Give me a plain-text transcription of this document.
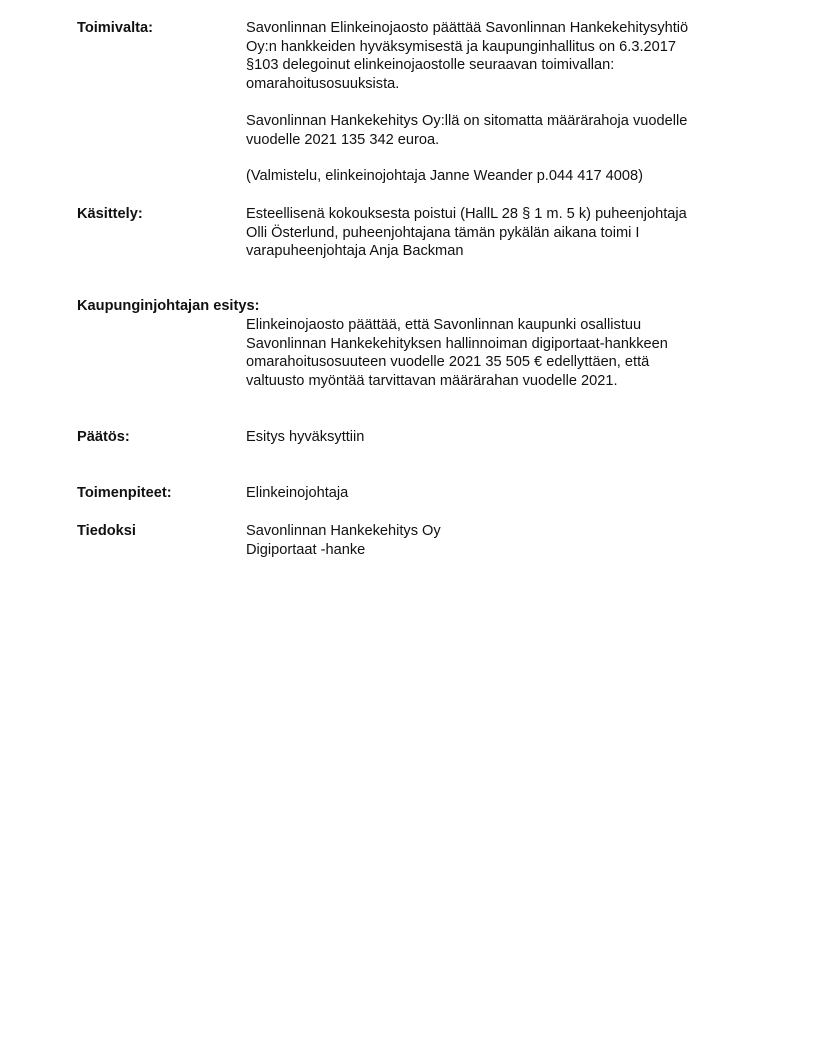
Toimivalta:	Savonlinnan Elinkeinojaosto päättää Savonlinnan Hankekehitysyhtiö
Oy:n hankkeiden hyväksymisestä ja kaupunginhallitus on 6.3.2017
§103 delegoinut elinkeinojaostolle seuraavan toimivallan:
omarahoitusosuuksista.
Savonlinnan Hankekehitys Oy:llä on sitomatta määrärahoja vuodelle
vuodelle 2021 135 342 euroa.
(Valmistelu, elinkeinojohtaja Janne Weander p.044 417 4008)
Käsittely:	Esteellisenä kokouksesta poistui (HallL 28 § 1 m. 5 k) puheenjohtaja
Olli Österlund, puheenjohtajana tämän pykälän aikana toimi I
varapuheenjohtaja Anja Backman
Kaupunginjohtajan esitys:
Elinkeinojaosto päättää, että Savonlinnan kaupunki osallistuu
Savonlinnan Hankekehityksen hallinnoiman digiportaat-hankkeen
omarahoitusosuuteen vuodelle 2021 35 505 € edellyttäen, että
valtuusto myöntää tarvittavan määrärahan vuodelle 2021.
Päätös:	Esitys hyväksyttiin
Toimenpiteet:	Elinkeinojohtaja
Tiedoksi	Savonlinnan Hankekehitys Oy
Digiportaat -hanke
